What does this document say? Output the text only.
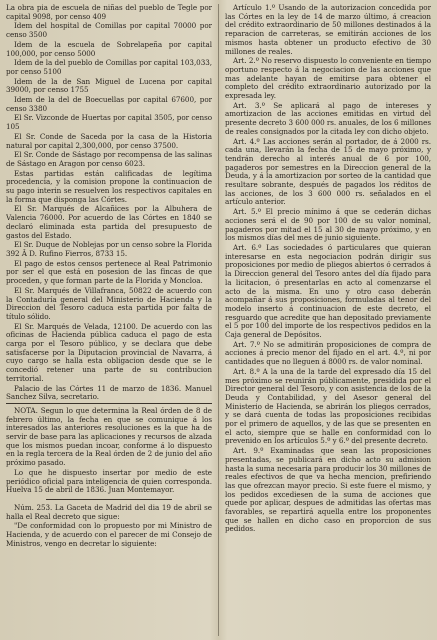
La obra pia de escuela de niñas del pueblo de Tegle por capital 9098, por censo 409

Idem del hospital de Comillas por capital 70000 por censo 3500

Idem de la escuela de Sobrelapeña por capital 100,000, por censo 5000

Idem de la del pueblo de Comillas por capital 103,033, por censo 5100

Idem de la de San Miguel de Lucena por capital 39000, por censo 1755

Idem de la del de Boecuellas por capital 67600, por censo 3380

El Sr. Vizconde de Huertas por capital 3505, por censo 105

El Sr. Conde de Saceda por la casa de la Historia natural por capital 2,300,000, por censo 37500.

El Sr. Conde de Sástago por recompensa de las salinas de Sástago en Aragon por censo 6023.

Estas partidas están calificadas de legítima procedencia, y la comision propone la continuacion de su pago interin se resuelven los respectivos capitales en la forma que disponga las Córtes.

El Sr. Marqués de Alcañices por la Albuhera de Valencia 76000. Por acuerdo de las Córtes en 1840 se declaró eliminada esta partida del presupuesto de gastos del Estado.

El Sr. Duque de Noblejas por un censo sobre la Florida 392 Â D. Rufino Fierros, 8733 15.

El pago de estos censos pertenece al Real Patrimonio por ser el que está en posesion de las fincas de que proceden, y que forman parte de la Florida y Moncloa.

El Sr. Marqués de Villafranca, 50822 de acuerdo con la Contaduría general del Ministerio de Hacienda y la Direccion del Tesoro caduca esta partida por falta de título sólido.

El Sr. Marqués de Velada, 12100. De acuerdo con las oficinas de Hacienda pública caduca el pago de esta carga por el Tesoro público, y se declara que debe satisfacerse por la Diputacion provincial de Navarra, á cuyo cargo se halla esta obligacion desde que se le concedió retener una parte de su contribucion territorial.

Palacio de las Córtes 11 de marzo de 1836. Manuel Sanchez Silva, secretario.

NOTA. Segun lo que determina la Real órden de 8 de febrero último, la fecha en que se comunique á los interesados las anteriores resoluciones es la que ha de servir de base para las aplicaciones y recursos de alzada que los mismos puedan incoar, conforme á lo dispuesto en la regla tercera de la Real órden de 2 de junio del año próximo pasado.

Lo que he dispuesto insertar por medio de este periódico oficial para inteligencia de quien corresponda. Huelva 15 de abril de 1836. Juan Montemayor.

Núm. 253. La Gaceta de Madrid del dia 19 de abril se halla el Real decreto que sigue:

"De conformidad con lo propuesto por mi Ministro de Hacienda, y de acuerdo con el parecer de mi Consejo de Ministros, vengo en decretar lo siguiente:

Artículo 1.º Usando de la autorizacion concedida por las Córtes en la ley de 14 de marzo último, á creacion del crédito extraordinario de 50 millones destinados á la reparacion de carreteras, se emitirán acciones de los mismos hasta obtener un producto efectivo de 30 millones de reales.

Art. 2.º No reservo dispuesto lo conveniente en tiempo oportuno respecto á la negociacion de las acciones que mas adelante hayan de emitirse para obtener el completo del crédito extraordinario autorizado por la expresada ley.

Art. 3.º Se aplicará al pago de intereses y amortizacion de las acciones emitidas en virtud del presente decreto 3 600 000 rs. anuales, de los 6 millones de reales consignados por la citada ley con dicho objeto.

Art. 4.º Las acciones serán al portador, de á 2000 rs. cada una, llevarán la fecha de 15 de mayo próximo, y tendrán derecho al interés anual de 6 por 100, pagaderos por semestres en la Direccion general de la Deuda, y á la amortizacion por sorteo de la cantidad que resultare sobrante, después de pagados los réditos de las acciones, de los 3 600 000 rs. señalados en el artículo anterior.

Art. 5.º El precio mínimo á que se cederán dichas acciones será el de 90 por 100 de su valor nominal, pagaderos por mitad el 15 al 30 de mayo próximo, y en los mismos días del mes de junio siguiente.

Art. 6.º Las sociedades ó particulares que quieran interesarse en esta negociacion podrán dirigir sus proposiciones por medio de pliegos abiertos ó cerrados á la Direccion general del Tesoro antes del día fijado para la licitacion, ó presentarlas en acto al comenzarse el acto de la misma. En uno y otro caso deberán acompañar á sus proposiciones, formuladas al tenor del modelo inserto á continuacion de este decreto, el resguardo que acredite que han depositado previamente el 5 por 100 del importe de los respectivos pedidos en la Caja general de Depósitos.

Art. 7.º No se admitirán proposiciones de compra de acciones á precio menor del fijado en el art. 4.º, ni por cantidades que no lleguen á 8000 rs. de valor nominal.

Art. 8.º A la una de la tarde del expresado día 15 del mes próximo se reunirán públicamente, presidida por el Director general del Tesoro, y con asistencia de los de la Deuda y Contabilidad, y del Asesor general del Ministerio de Hacienda, se abrirán los pliegos cerrados, y se dará cuenta de todas las proposiciones recibidas por el primero de aquellos, y de las que se presenten en el acto, siempre que se halle en conformidad con lo prevenido en los artículos 5.º y 6.º del presente decreto.

Art. 9.º Examinadas que sean las proposiciones presentadas, se publicará en dicho acto su admision hasta la suma necesaria para producir los 30 millones de reales efectivos de que va hecha mencion, prefiriendo las que ofrezcan mayor precio. Si este fuere el mismo, y los pedidos excediesen de la suma de acciones que quede por aplicar, despues de admitidas las ofertas mas favorables, se repartirá aquella entre los proponentes que se hallen en dicho caso en proporcion de sus pedidos.
